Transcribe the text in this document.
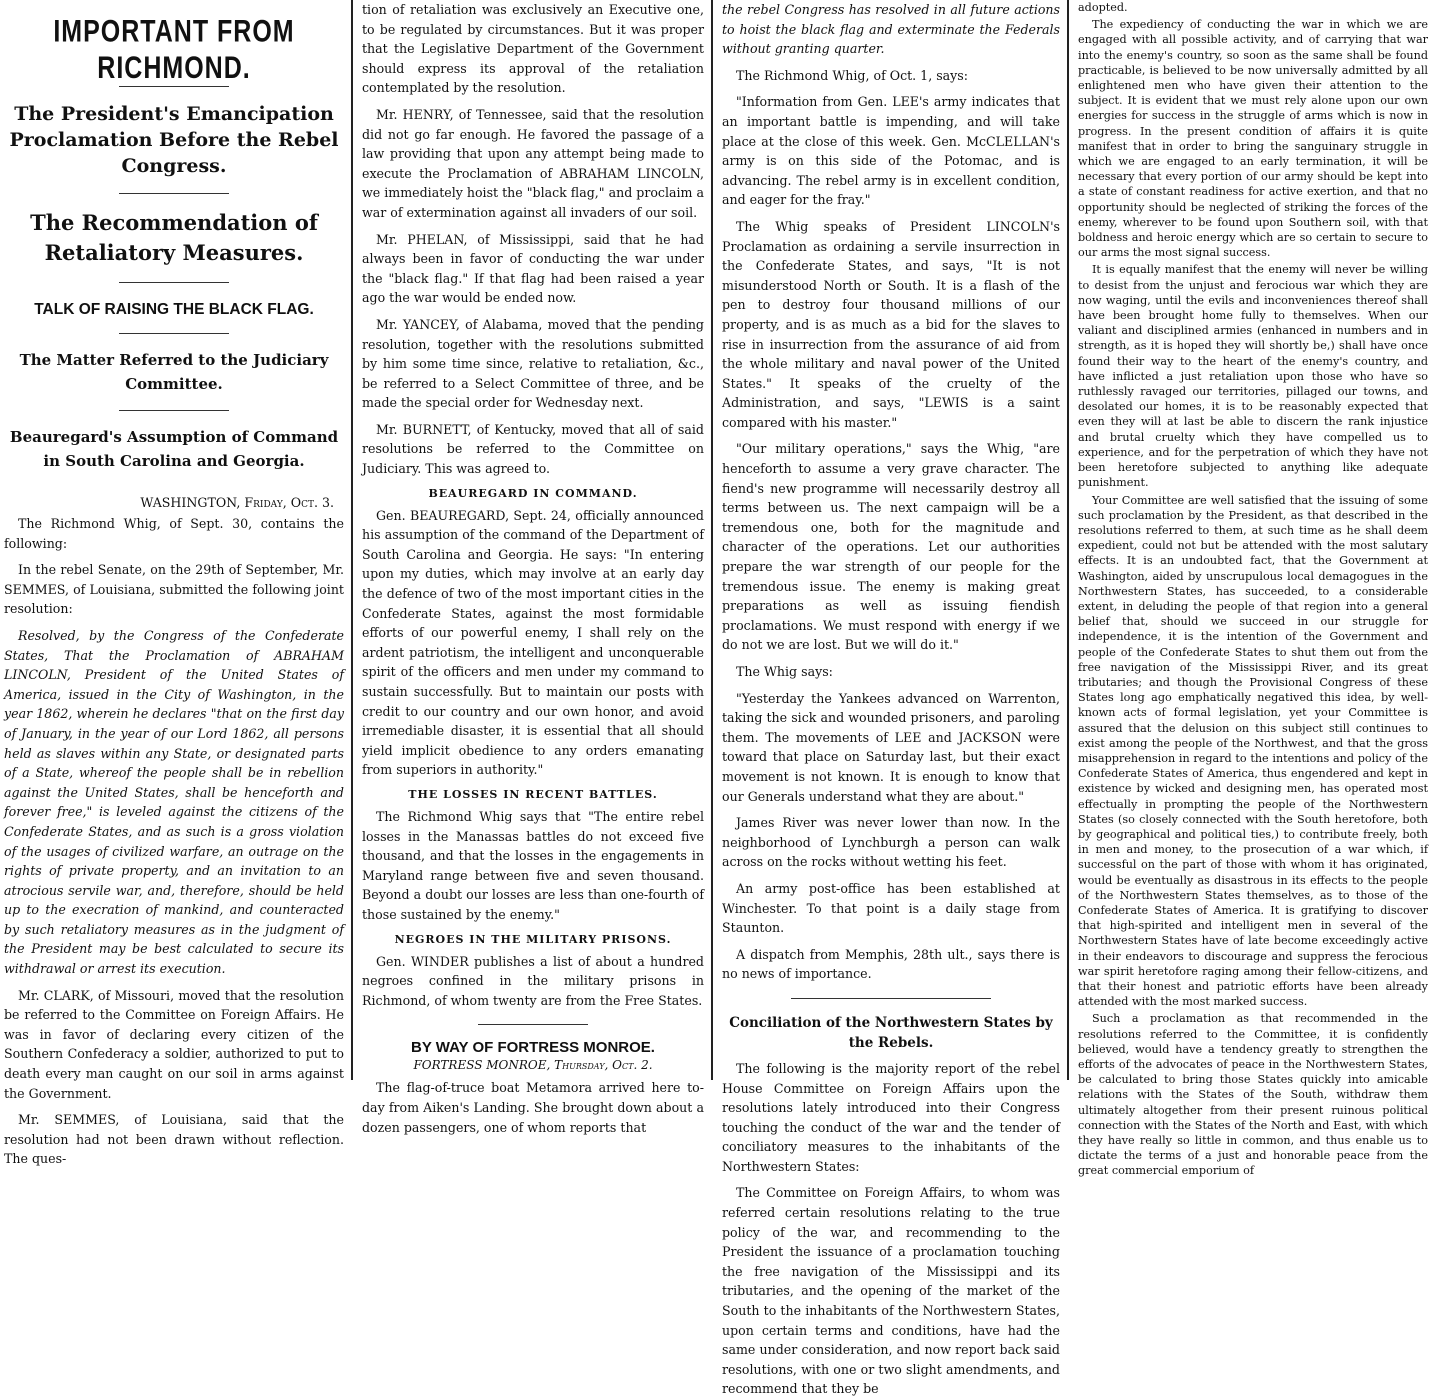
IMPORTANT FROM RICHMOND.
The President's Emancipation Proclamation Before the Rebel Congress.
The Recommendation of Retaliatory Measures.
TALK OF RAISING THE BLACK FLAG.
The Matter Referred to the Judiciary Committee.
Beauregard's Assumption of Command in South Carolina and Georgia.
WASHINGTON, Friday, Oct. 3.

The Richmond Whig, of Sept. 30, contains the following:

In the rebel Senate, on the 29th of September, Mr. SEMMES, of Louisiana, submitted the following joint resolution:

Resolved, by the Congress of the Confederate States, That the Proclamation of ABRAHAM LINCOLN, President of the United States of America, issued in the City of Washington, in the year 1862, wherein he declares "that on the first day of January, in the year of our Lord 1862, all persons held as slaves within any State, or designated parts of a State, whereof the people shall be in rebellion against the United States, shall be henceforth and forever free," is leveled against the citizens of the Confederate States, and as such is a gross violation of the usages of civilized warfare, an outrage on the rights of private property, and an invitation to an atrocious servile war, and, therefore, should be held up to the execration of mankind, and counteracted by such retaliatory measures as in the judgment of the President may be best calculated to secure its withdrawal or arrest its execution.

Mr. CLARK, of Missouri, moved that the resolution be referred to the Committee on Foreign Affairs. He was in favor of declaring every citizen of the Southern Confederacy a soldier, authorized to put to death every man caught on our soil in arms against the Government.

Mr. SEMMES, of Louisiana, said that the resolution had not been drawn without reflection. The ques-

tion of retaliation was exclusively an Executive one, to be regulated by circumstances. But it was proper that the Legislative Department of the Government should express its approval of the retaliation contemplated by the resolution.

Mr. HENRY, of Tennessee, said that the resolution did not go far enough. He favored the passage of a law providing that upon any attempt being made to execute the Proclamation of ABRAHAM LINCOLN, we immediately hoist the "black flag," and proclaim a war of extermination against all invaders of our soil.

Mr. PHELAN, of Mississippi, said that he had always been in favor of conducting the war under the "black flag." If that flag had been raised a year ago the war would be ended now.

Mr. YANCEY, of Alabama, moved that the pending resolution, together with the resolutions submitted by him some time since, relative to retaliation, &c., be referred to a Select Committee of three, and be made the special order for Wednesday next.

Mr. BURNETT, of Kentucky, moved that all of said resolutions be referred to the Committee on Judiciary. This was agreed to.

BEAUREGARD IN COMMAND.

Gen. BEAUREGARD, Sept. 24, officially announced his assumption of the command of the Department of South Carolina and Georgia. He says: "In entering upon my duties, which may involve at an early day the defence of two of the most important cities in the Confederate States, against the most formidable efforts of our powerful enemy, I shall rely on the ardent patriotism, the intelligent and unconquerable spirit of the officers and men under my command to sustain successfully. But to maintain our posts with credit to our country and our own honor, and avoid irremediable disaster, it is essential that all should yield implicit obedience to any orders emanating from superiors in authority."

THE LOSSES IN RECENT BATTLES.

The Richmond Whig says that "The entire rebel losses in the Manassas battles do not exceed five thousand, and that the losses in the engagements in Maryland range between five and seven thousand. Beyond a doubt our losses are less than one-fourth of those sustained by the enemy."

NEGROES IN THE MILITARY PRISONS.

Gen. WINDER publishes a list of about a hundred negroes confined in the military prisons in Richmond, of whom twenty are from the Free States.

BY WAY OF FORTRESS MONROE.
FORTRESS MONROE, Thursday, Oct. 2.

The flag-of-truce boat Metamora arrived here to-day from Aiken's Landing. She brought down about a dozen passengers, one of whom reports that

the rebel Congress has resolved in all future actions to hoist the black flag and exterminate the Federals without granting quarter.

The Richmond Whig, of Oct. 1, says:

"Information from Gen. LEE's army indicates that an important battle is impending, and will take place at the close of this week. Gen. McCLELLAN's army is on this side of the Potomac, and is advancing. The rebel army is in excellent condition, and eager for the fray."

The Whig speaks of President LINCOLN's Proclamation as ordaining a servile insurrection in the Confederate States, and says, "It is not misunderstood North or South. It is a flash of the pen to destroy four thousand millions of our property, and is as much as a bid for the slaves to rise in insurrection from the assurance of aid from the whole military and naval power of the United States." It speaks of the cruelty of the Administration, and says, "LEWIS is a saint compared with his master."

"Our military operations," says the Whig, "are henceforth to assume a very grave character. The fiend's new programme will necessarily destroy all terms between us. The next campaign will be a tremendous one, both for the magnitude and character of the operations. Let our authorities prepare the war strength of our people for the tremendous issue. The enemy is making great preparations as well as issuing fiendish proclamations. We must respond with energy if we do not we are lost. But we will do it."

The Whig says:

"Yesterday the Yankees advanced on Warrenton, taking the sick and wounded prisoners, and paroling them. The movements of LEE and JACKSON were toward that place on Saturday last, but their exact movement is not known. It is enough to know that our Generals understand what they are about."

James River was never lower than now. In the neighborhood of Lynchburgh a person can walk across on the rocks without wetting his feet.

An army post-office has been established at Winchester. To that point is a daily stage from Staunton.

A dispatch from Memphis, 28th ult., says there is no news of importance.

Conciliation of the Northwestern States by the Rebels.

The following is the majority report of the rebel House Committee on Foreign Affairs upon the resolutions lately introduced into their Congress touching the conduct of the war and the tender of conciliatory measures to the inhabitants of the Northwestern States:

The Committee on Foreign Affairs, to whom was referred certain resolutions relating to the true policy of the war, and recommending to the President the issuance of a proclamation touching the free navigation of the Mississippi and its tributaries, and the opening of the market of the South to the inhabitants of the Northwestern States, upon certain terms and conditions, have had the same under consideration, and now report back said resolutions, with one or two slight amendments, and recommend that they be

adopted.

The expediency of conducting the war in which we are engaged with all possible activity, and of carrying that war into the enemy's country, so soon as the same shall be found practicable, is believed to be now universally admitted by all enlightened men who have given their attention to the subject. It is evident that we must rely alone upon our own energies for success in the struggle of arms which is now in progress. In the present condition of affairs it is quite manifest that in order to bring the sanguinary struggle in which we are engaged to an early termination, it will be necessary that every portion of our army should be kept into a state of constant readiness for active exertion, and that no opportunity should be neglected of striking the forces of the enemy, wherever to be found upon Southern soil, with that boldness and heroic energy which are so certain to secure to our arms the most signal success.

It is equally manifest that the enemy will never be willing to desist from the unjust and ferocious war which they are now waging, until the evils and inconveniences thereof shall have been brought home fully to themselves. When our valiant and disciplined armies (enhanced in numbers and in strength, as it is hoped they will shortly be,) shall have once found their way to the heart of the enemy's country, and have inflicted a just retaliation upon those who have so ruthlessly ravaged our territories, pillaged our towns, and desolated our homes, it is to be reasonably expected that even they will at last be able to discern the rank injustice and brutal cruelty which they have compelled us to experience, and for the perpetration of which they have not been heretofore subjected to anything like adequate punishment.

Your Committee are well satisfied that the issuing of some such proclamation by the President, as that described in the resolutions referred to them, at such time as he shall deem expedient, could not but be attended with the most salutary effects. It is an undoubted fact, that the Government at Washington, aided by unscrupulous local demagogues in the Northwestern States, has succeeded, to a considerable extent, in deluding the people of that region into a general belief that, should we succeed in our struggle for independence, it is the intention of the Government and people of the Confederate States to shut them out from the free navigation of the Mississippi River, and its great tributaries; and though the Provisional Congress of these States long ago emphatically negatived this idea, by well-known acts of formal legislation, yet your Committee is assured that the delusion on this subject still continues to exist among the people of the Northwest, and that the gross misapprehension in regard to the intentions and policy of the Confederate States of America, thus engendered and kept in existence by wicked and designing men, has operated most effectually in prompting the people of the Northwestern States (so closely connected with the South heretofore, both by geographical and political ties,) to contribute freely, both in men and money, to the prosecution of a war which, if successful on the part of those with whom it has originated, would be eventually as disastrous in its effects to the people of the Northwestern States themselves, as to those of the Confederate States of America. It is gratifying to discover that high-spirited and intelligent men in several of the Northwestern States have of late become exceedingly active in their endeavors to discourage and suppress the ferocious war spirit heretofore raging among their fellow-citizens, and that their honest and patriotic efforts have been already attended with the most marked success.

Such a proclamation as that recommended in the resolutions referred to the Committee, it is confidently believed, would have a tendency greatly to strengthen the efforts of the advocates of peace in the Northwestern States, be calculated to bring those States quickly into amicable relations with the States of the South, withdraw them ultimately altogether from their present ruinous political connection with the States of the North and East, with which they have really so little in common, and thus enable us to dictate the terms of a just and honorable peace from the great commercial emporium of
